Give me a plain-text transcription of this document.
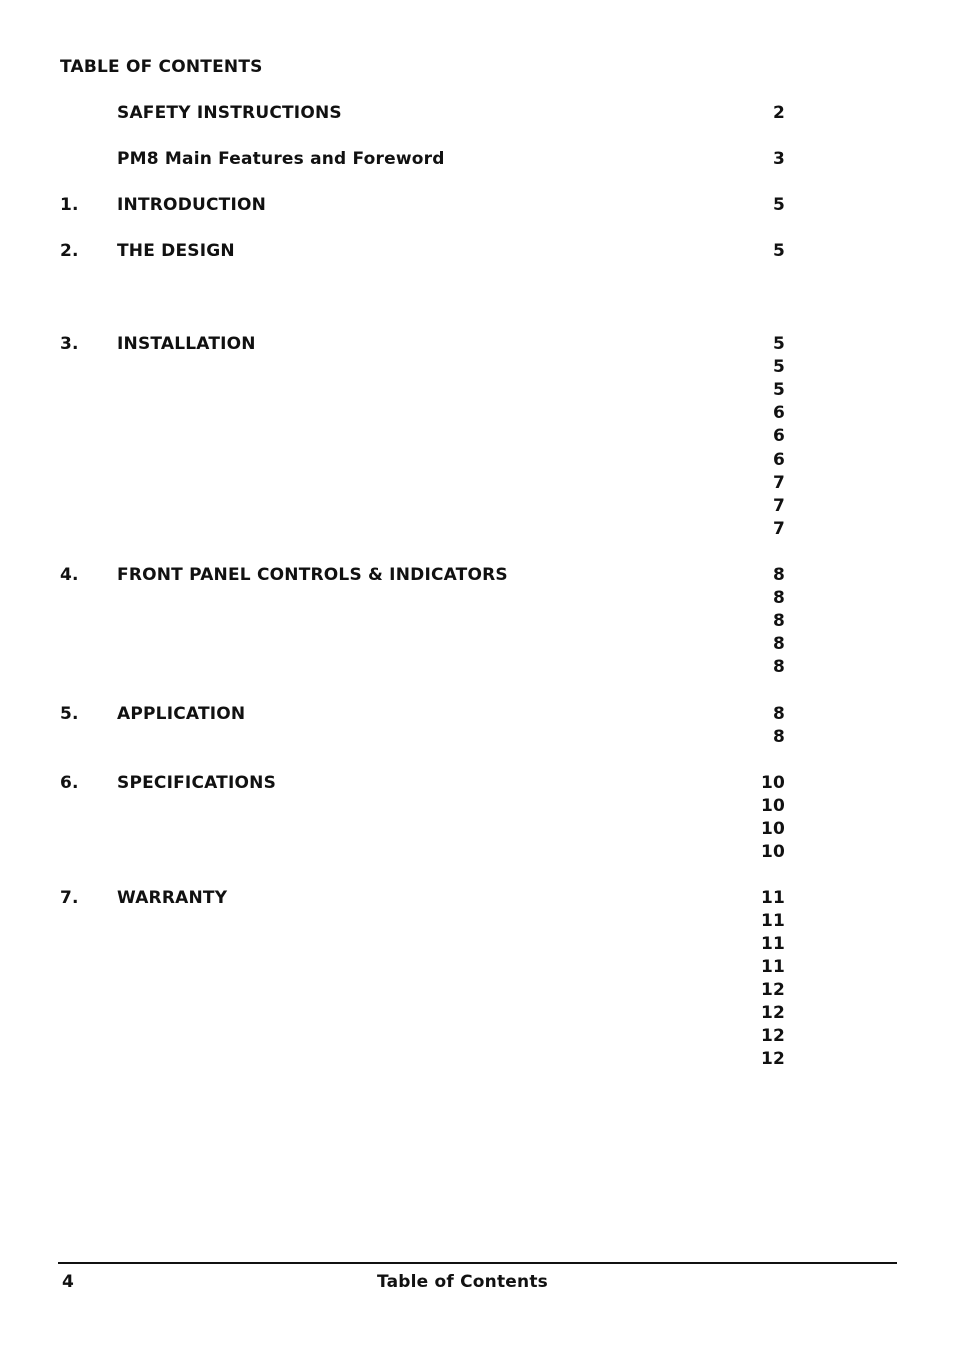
TABLE OF CONTENTS
SAFETY INSTRUCTIONS	2
PM8 Main Features and Foreword	3
1. INTRODUCTION	5
2. THE DESIGN	5
3. INSTALLATION	5
5
5
6
6
6
7
7
7
4. FRONT PANEL CONTROLS & INDICATORS	8
8
8
8
8
5. APPLICATION	8
8
6. SPECIFICATIONS	10
10
10
10
7. WARRANTY	11
11
11
11
12
12
12
12
4	Table of Contents
